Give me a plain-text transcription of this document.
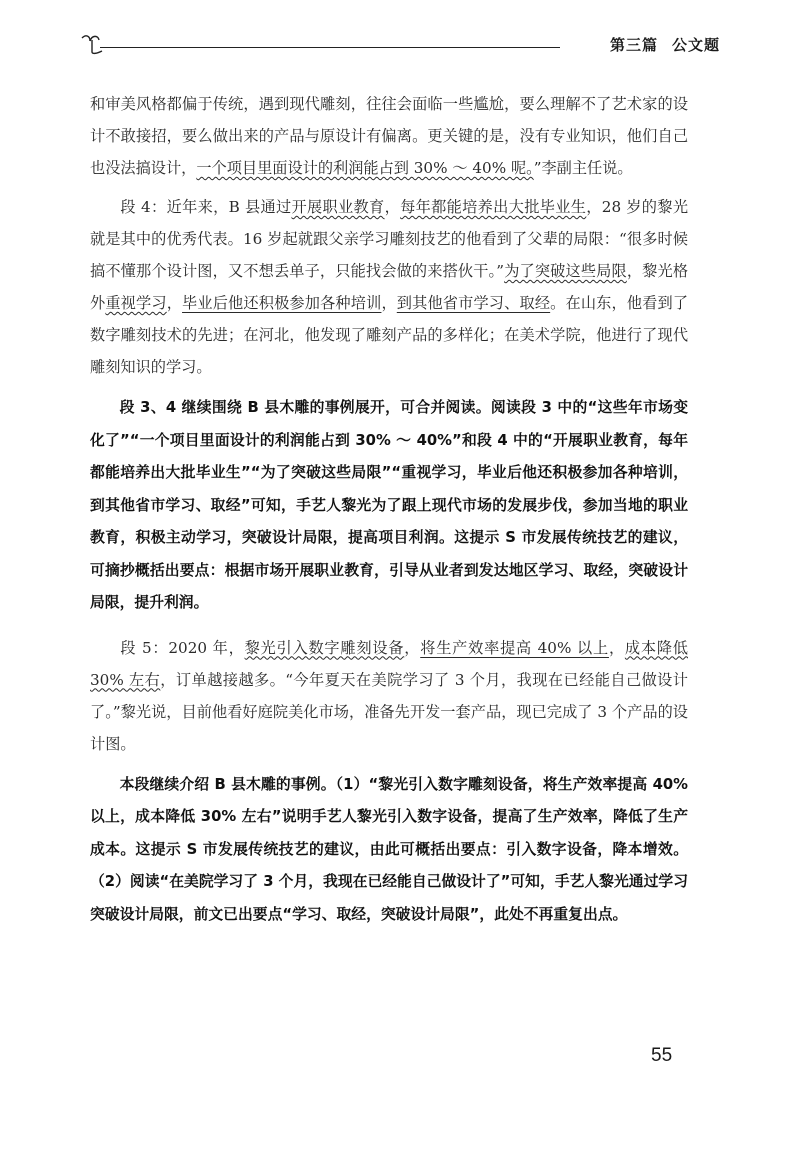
第三篇 公文题

和审美风格都偏于传统，遇到现代雕刻，往往会面临一些尴尬，要么理解不了艺术家的设计不敢接招，要么做出来的产品与原设计有偏离。更关键的是，没有专业知识，他们自己也没法搞设计，一个项目里面设计的利润能占到 30% ～ 40% 呢。”李副主任说。

段 4：近年来，B 县通过开展职业教育，每年都能培养出大批毕业生，28 岁的黎光就是其中的优秀代表。16 岁起就跟父亲学习雕刻技艺的他看到了父辈的局限：“很多时候搞不懂那个设计图，又不想丢单子，只能找会做的来搭伙干。”为了突破这些局限，黎光格外重视学习，毕业后他还积极参加各种培训，到其他省市学习、取经。在山东，他看到了数字雕刻技术的先进；在河北，他发现了雕刻产品的多样化；在美术学院，他进行了现代雕刻知识的学习。

段 3、4 继续围绕 B 县木雕的事例展开，可合并阅读。阅读段 3 中的“这些年市场变化了”“一个项目里面设计的利润能占到 30% ～ 40%”和段 4 中的“开展职业教育，每年都能培养出大批毕业生”“为了突破这些局限”“重视学习，毕业后他还积极参加各种培训，到其他省市学习、取经”可知，手艺人黎光为了跟上现代市场的发展步伐，参加当地的职业教育，积极主动学习，突破设计局限，提高项目利润。这提示 S 市发展传统技艺的建议，可摘抄概括出要点：根据市场开展职业教育，引导从业者到发达地区学习、取经，突破设计局限，提升利润。

段 5：2020 年，黎光引入数字雕刻设备，将生产效率提高 40% 以上，成本降低 30% 左右，订单越接越多。“今年夏天在美院学习了 3 个月，我现在已经能自己做设计了。”黎光说，目前他看好庭院美化市场，准备先开发一套产品，现已完成了 3 个产品的设计图。

本段继续介绍 B 县木雕的事例。（1）“黎光引入数字雕刻设备，将生产效率提高 40% 以上，成本降低 30% 左右”说明手艺人黎光引入数字设备，提高了生产效率，降低了生产成本。这提示 S 市发展传统技艺的建议，由此可概括出要点：引入数字设备，降本增效。（2）阅读“在美院学习了 3 个月，我现在已经能自己做设计了”可知，手艺人黎光通过学习突破设计局限，前文已出要点“学习、取经，突破设计局限”，此处不再重复出点。

55
